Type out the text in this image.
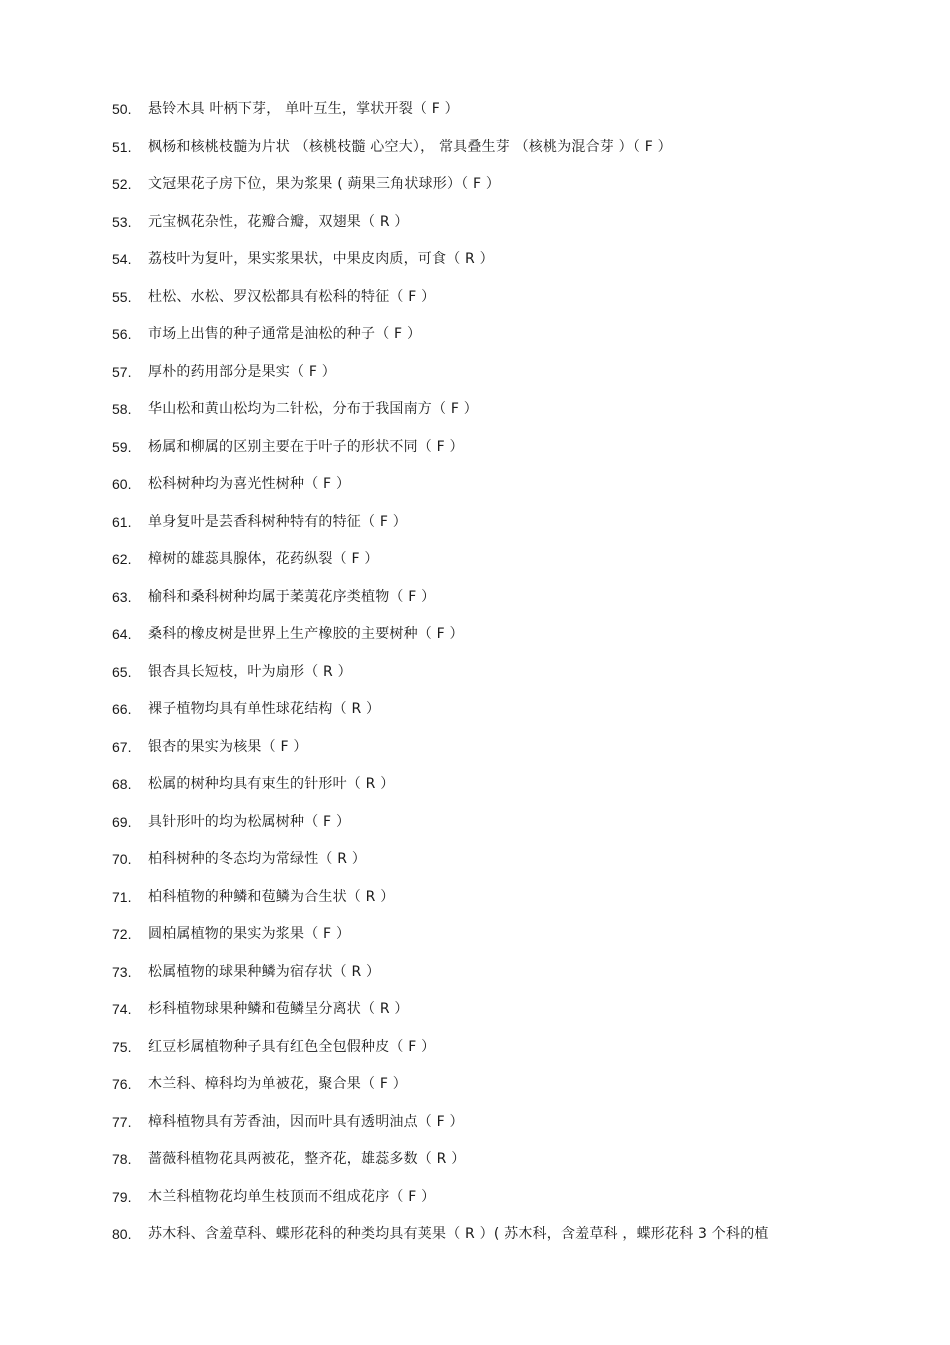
50.	悬铃木具 叶柄下芽， 单叶互生，掌状开裂（ F ）
51.	枫杨和核桃枝髓为片状 （核桃枝髓 心空大）， 常具叠生芽 （核桃为混合芽 ）（ F ）
52.	文冠果花子房下位，果为浆果 ( 蒴果三角状球形）（ F ）
53.	元宝枫花杂性，花瓣合瓣，双翅果（ R ）
54.	荔枝叶为复叶，果实浆果状，中果皮肉质，可食（ R ）
55.	杜松、水松、罗汉松都具有松科的特征（ F ）
56.	市场上出售的种子通常是油松的种子（ F ）
57.	厚朴的药用部分是果实（ F ）
58.	华山松和黄山松均为二针松，分布于我国南方（ F ）
59.	杨属和柳属的区别主要在于叶子的形状不同（ F ）
60.	松科树种均为喜光性树种（ F ）
61.	单身复叶是芸香科树种特有的特征（ F ）
62.	樟树的雄蕊具腺体，花药纵裂（ F ）
63.	榆科和桑科树种均属于葇荑花序类植物（ F ）
64.	桑科的橡皮树是世界上生产橡胶的主要树种（ F ）
65.	银杏具长短枝，叶为扇形（ R ）
66.	裸子植物均具有单性球花结构（ R ）
67.	银杏的果实为核果（ F ）
68.	松属的树种均具有束生的针形叶（ R ）
69.	具针形叶的均为松属树种（ F ）
70.	柏科树种的冬态均为常绿性（ R ）
71.	柏科植物的种鳞和苞鳞为合生状（ R ）
72.	圆柏属植物的果实为浆果（ F ）
73.	松属植物的球果种鳞为宿存状（ R ）
74.	杉科植物球果种鳞和苞鳞呈分离状（ R ）
75.	红豆杉属植物种子具有红色全包假种皮（ F ）
76.	木兰科、樟科均为单被花，聚合果（ F ）
77.	樟科植物具有芳香油，因而叶具有透明油点（ F ）
78.	蔷薇科植物花具两被花，整齐花，雄蕊多数（ R ）
79.	木兰科植物花均单生枝顶而不组成花序（ F ）
80.	苏木科、含羞草科、蝶形花科的种类均具有荚果（ R ）( 苏木科，含羞草科 ，蝶形花科 3 个科的植
